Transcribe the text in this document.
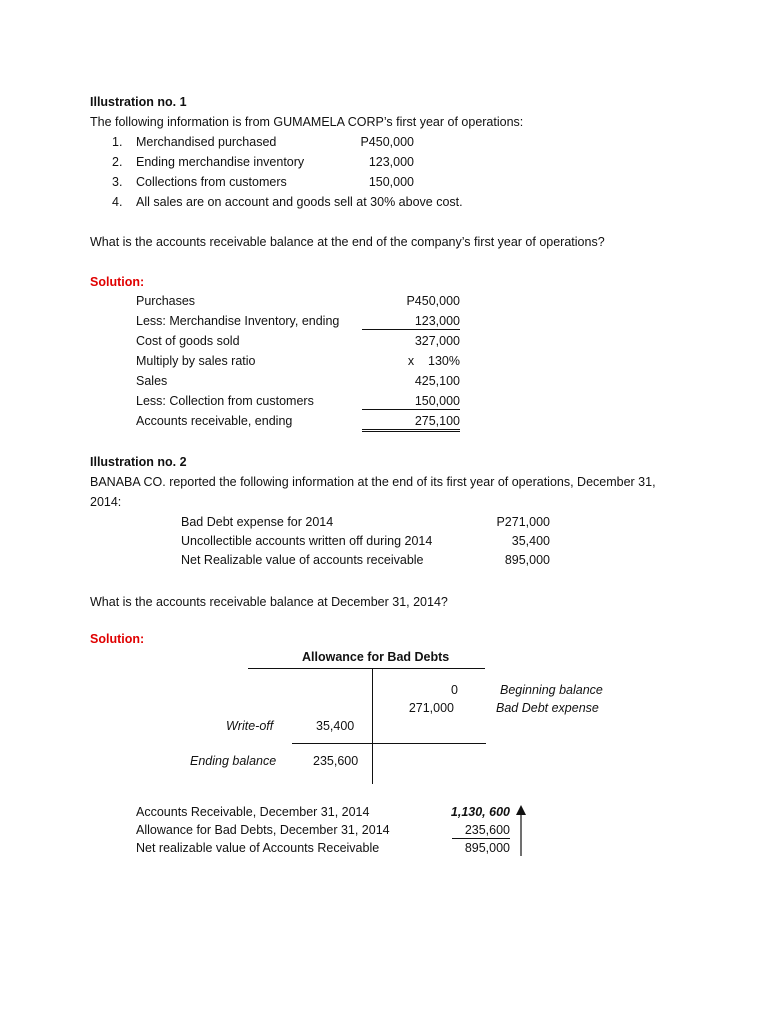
Illustration no. 1
The following information is from GUMAMELA CORP’s first year of operations:
1. Merchandised purchased	P450,000
2. Ending merchandise inventory	123,000
3. Collections from customers	150,000
4. All sales are on account and goods sell at 30% above cost.
What is the accounts receivable balance at the end of the company’s first year of operations?
Solution:
Purchases	P450,000
Less: Merchandise Inventory, ending	123,000
Cost of goods sold	327,000
Multiply by sales ratio	x    130%
Sales	425,100
Less: Collection from customers	150,000
Accounts receivable, ending	275,100
Illustration no. 2
BANABA CO. reported the following information at the end of its first year of operations, December 31,
2014:
Bad Debt expense for 2014	P271,000
Uncollectible accounts written off during 2014	35,400
Net Realizable value of accounts receivable	895,000
What is the accounts receivable balance at December 31, 2014?
Solution:
Allowance for Bad Debts
0	Beginning balance
271,000	Bad Debt expense
Write-off	35,400
Ending balance	235,600
Accounts Receivable, December 31, 2014	1,130, 600
Allowance for Bad Debts, December 31, 2014	235,600
Net realizable value of Accounts Receivable	895,000
